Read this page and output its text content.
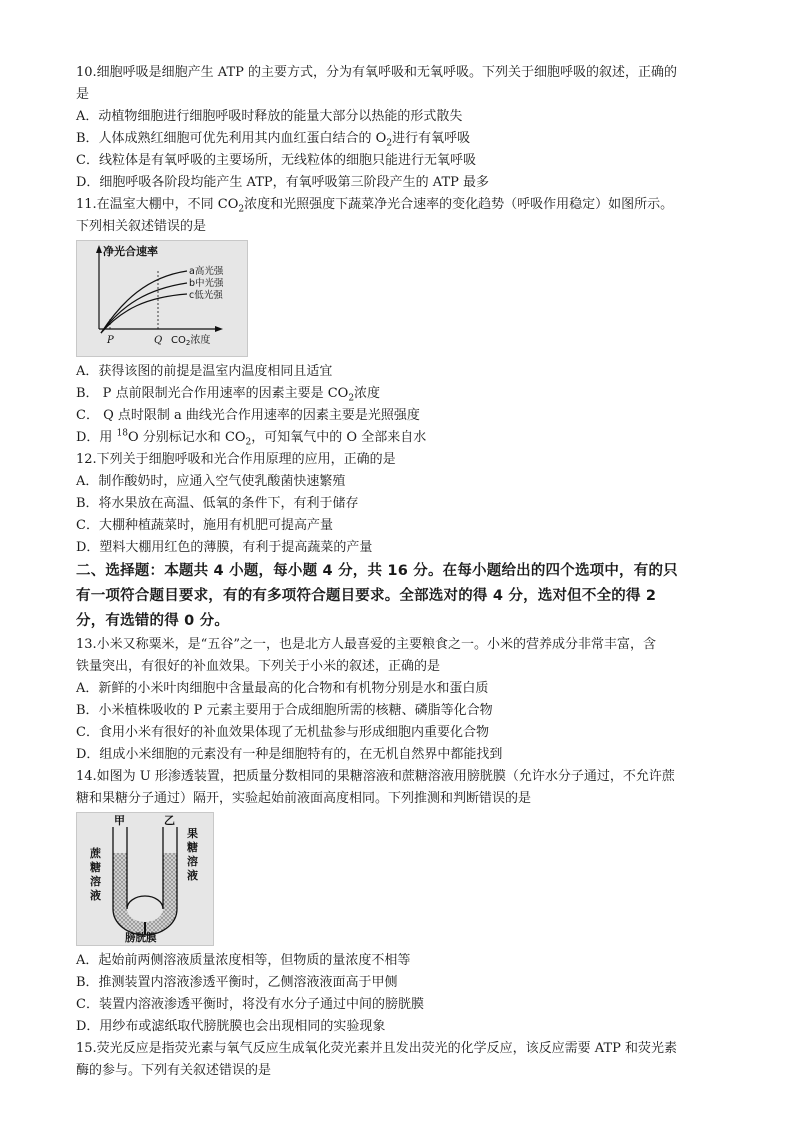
10.细胞呼吸是细胞产生 ATP 的主要方式，分为有氧呼吸和无氧呼吸。下列关于细胞呼吸的叙述，正确的
是
A．动植物细胞进行细胞呼吸时释放的能量大部分以热能的形式散失
B．人体成熟红细胞可优先利用其内血红蛋白结合的 $O_2$进行有氧呼吸
C．线粒体是有氧呼吸的主要场所，无线粒体的细胞只能进行无氧呼吸
D．细胞呼吸各阶段均能产生 ATP，有氧呼吸第三阶段产生的 ATP 最多
11.在温室大棚中，不同 $CO_2$浓度和光照强度下蔬菜净光合速率的变化趋势（呼吸作用稳定）如图所示。
下列相关叙述错误的是
净光合速率
$CO_2$浓度
P	Q
a高光强
b中光强
c低光强
A．获得该图的前提是温室内温度相同且适宜
B． P 点前限制光合作用速率的因素主要是 $CO_2$浓度
C． Q 点时限制 a 曲线光合作用速率的因素主要是光照强度
D．用 $^{18}$O 分别标记水和 $CO_2$，可知氧气中的 O 全部来自水
12.下列关于细胞呼吸和光合作用原理的应用，正确的是
A．制作酸奶时，应通入空气使乳酸菌快速繁殖
B．将水果放在高温、低氧的条件下，有利于储存
C．大棚种植蔬菜时，施用有机肥可提高产量
D．塑料大棚用红色的薄膜，有利于提高蔬菜的产量
二、选择题：本题共 4 小题，每小题 4 分，共 16 分。在每小题给出的四个选项中，有的只
有一项符合题目要求，有的有多项符合题目要求。全部选对的得 4 分，选对但不全的得 2
分，有选错的得 0 分。
13.小米又称粟米，是“五谷”之一，也是北方人最喜爱的主要粮食之一。小米的营养成分非常丰富，含
铁量突出，有很好的补血效果。下列关于小米的叙述，正确的是
A．新鲜的小米叶肉细胞中含量最高的化合物和有机物分别是水和蛋白质
B．小米植株吸收的 P 元素主要用于合成细胞所需的核糖、磷脂等化合物
C．食用小米有很好的补血效果体现了无机盐参与形成细胞内重要化合物
D．组成小米细胞的元素没有一种是细胞特有的，在无机自然界中都能找到
14.如图为 U 形渗透装置，把质量分数相同的果糖溶液和蔗糖溶液用膀胱膜（允许水分子通过，不允许蔗
糖和果糖分子通过）隔开，实验起始前液面高度相同。下列推测和判断错误的是
甲	乙
蔗 糖 溶 液
果 糖 溶 液
膀胱膜
A．起始前两侧溶液质量浓度相等，但物质的量浓度不相等
B．推测装置内溶液渗透平衡时，乙侧溶液液面高于甲侧
C．装置内溶液渗透平衡时，将没有水分子通过中间的膀胱膜
D．用纱布或滤纸取代膀胱膜也会出现相同的实验现象
15.荧光反应是指荧光素与氧气反应生成氧化荧光素并且发出荧光的化学反应，该反应需要 ATP 和荧光素
酶的参与。下列有关叙述错误的是
